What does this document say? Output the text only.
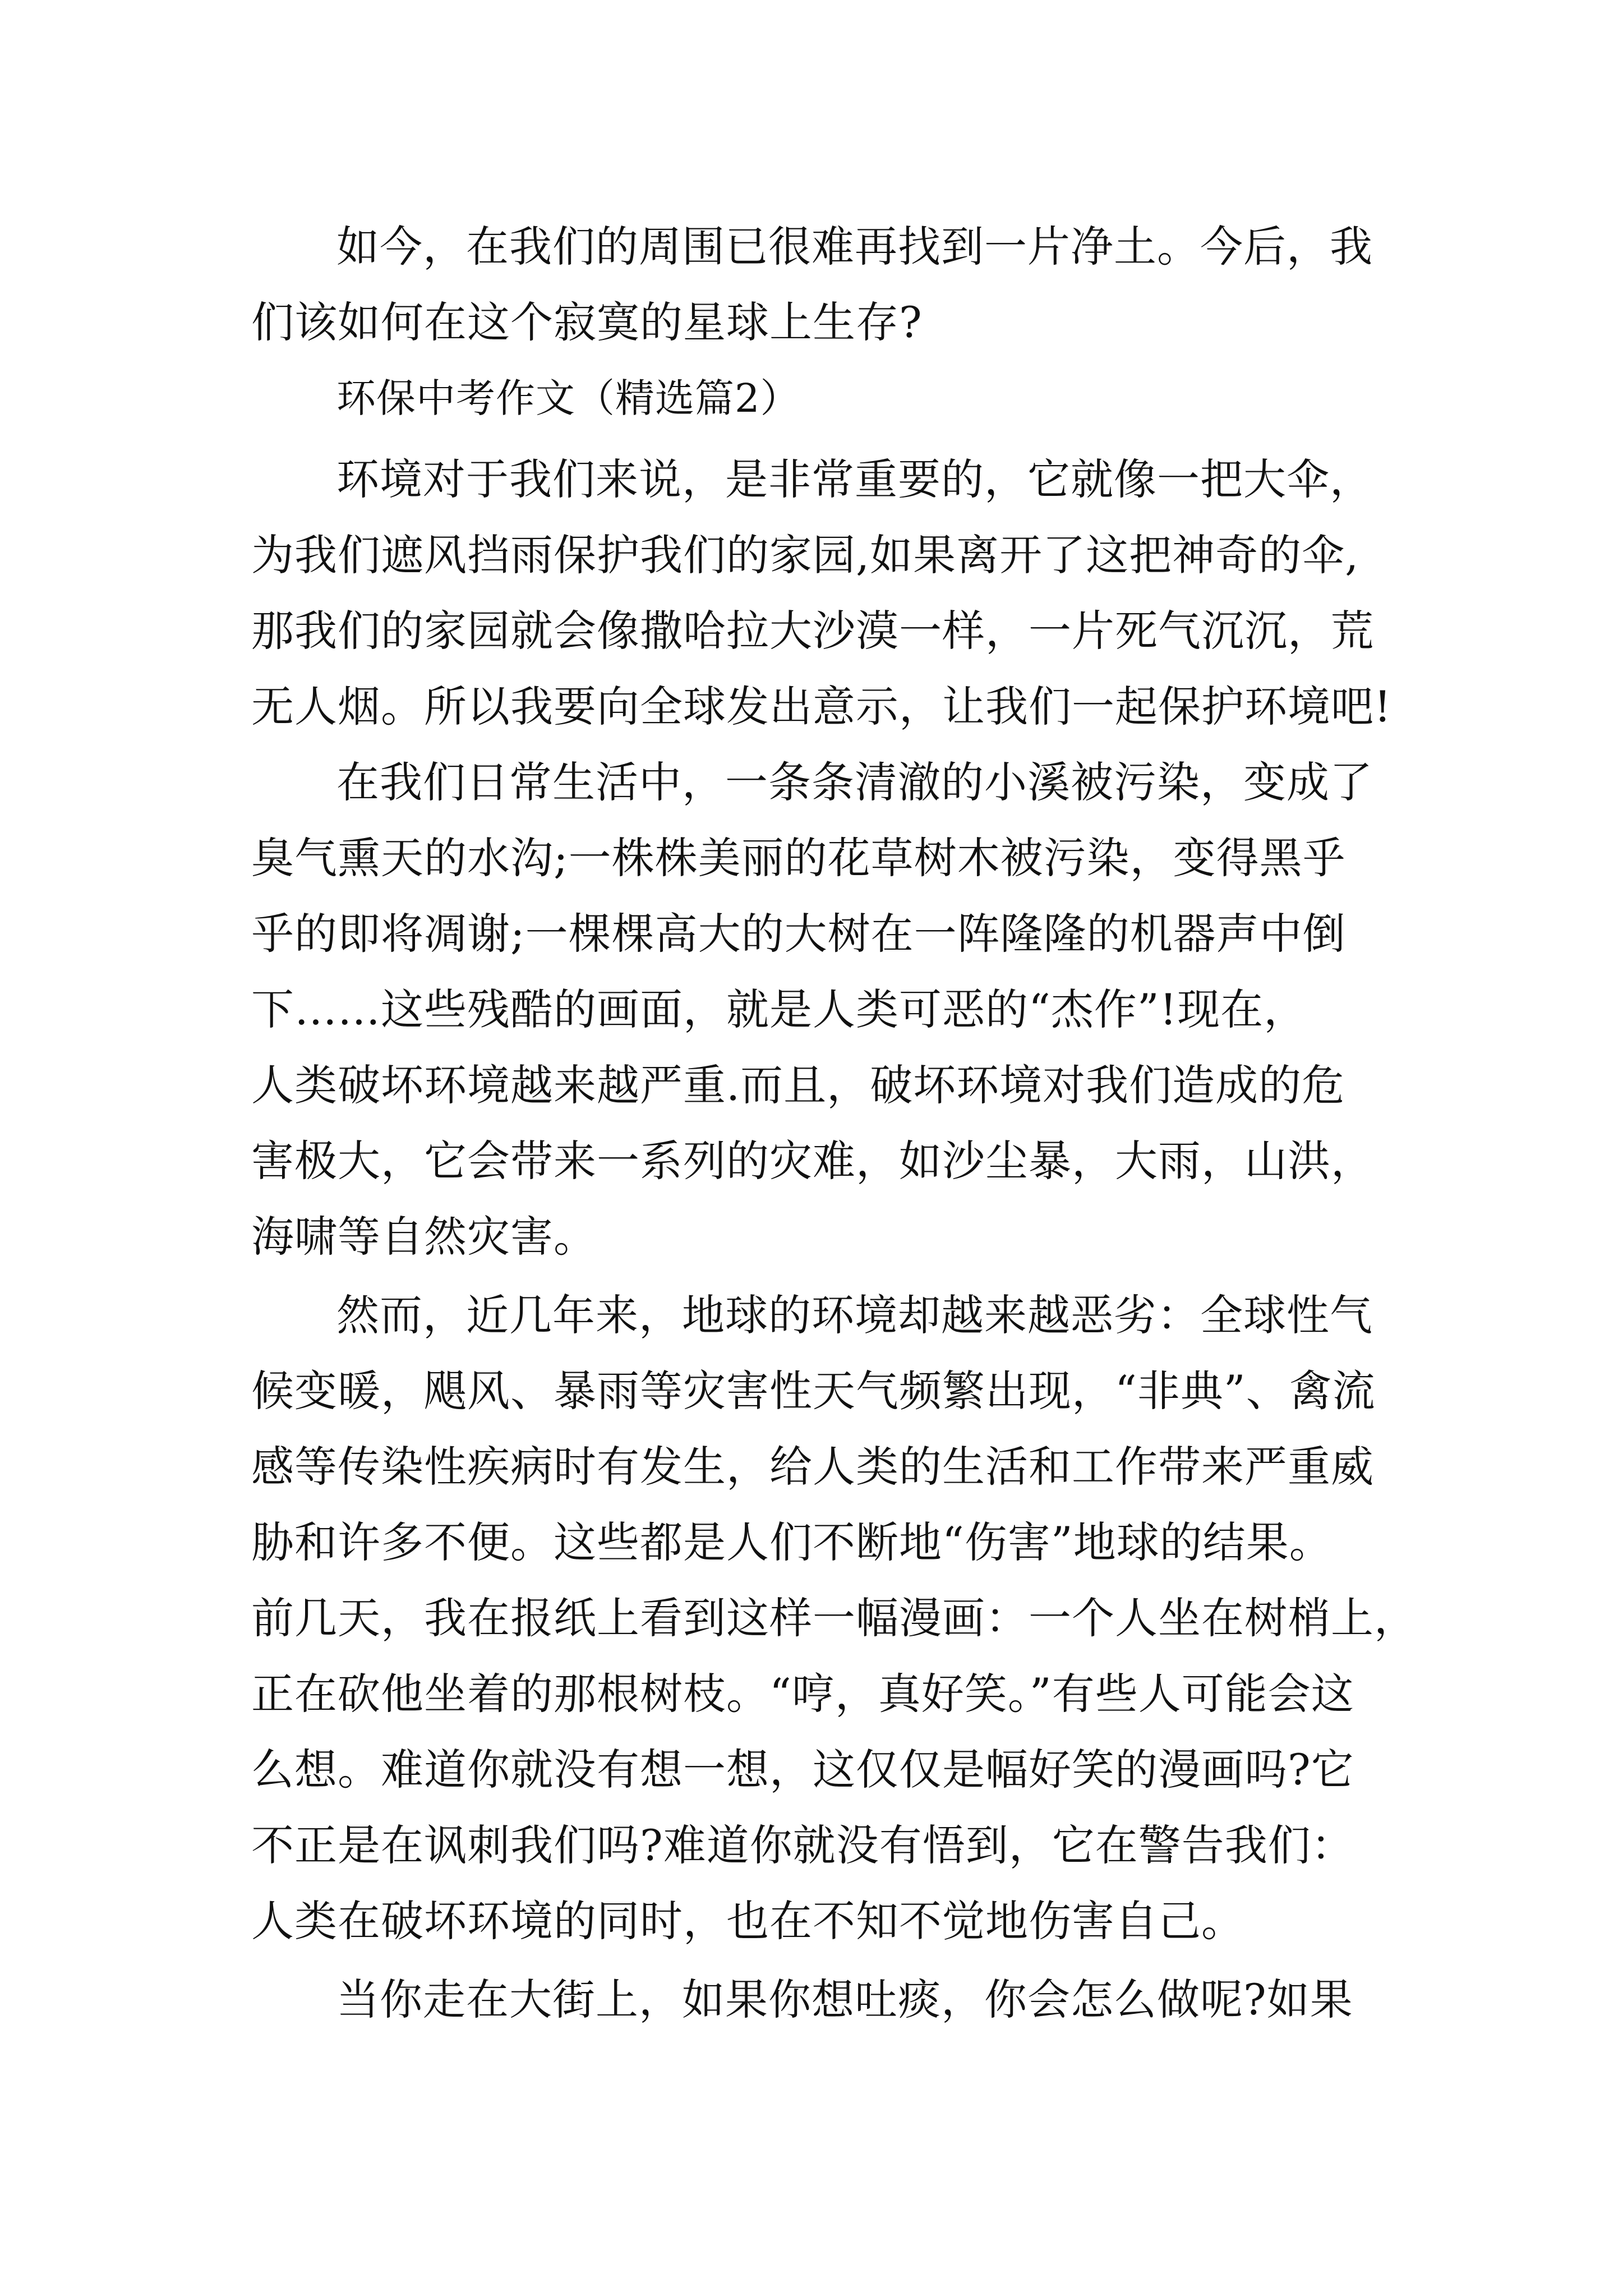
如今，在我们的周围已很难再找到一片净土。今后，我
们该如何在这个寂寞的星球上生存?
环保中考作文（精选篇2）
环境对于我们来说，是非常重要的，它就像一把大伞，
为我们遮风挡雨保护我们的家园,如果离开了这把神奇的伞,
那我们的家园就会像撒哈拉大沙漠一样，一片死气沉沉，荒
无人烟。所以我要向全球发出意示，让我们一起保护环境吧!
在我们日常生活中，一条条清澈的小溪被污染，变成了
臭气熏天的水沟;一株株美丽的花草树木被污染，变得黑乎
乎的即将凋谢;一棵棵高大的大树在一阵隆隆的机器声中倒
下……这些残酷的画面，就是人类可恶的“杰作”!现在，
人类破坏环境越来越严重.而且，破坏环境对我们造成的危
害极大，它会带来一系列的灾难，如沙尘暴，大雨，山洪，
海啸等自然灾害。
然而，近几年来，地球的环境却越来越恶劣：全球性气
候变暖，飓风、暴雨等灾害性天气频繁出现，“非典”、禽流
感等传染性疾病时有发生，给人类的生活和工作带来严重威
胁和许多不便。这些都是人们不断地“伤害”地球的结果。
前几天，我在报纸上看到这样一幅漫画：一个人坐在树梢上，
正在砍他坐着的那根树枝。“哼，真好笑。”有些人可能会这
么想。难道你就没有想一想，这仅仅是幅好笑的漫画吗?它
不正是在讽刺我们吗?难道你就没有悟到，它在警告我们：
人类在破坏环境的同时，也在不知不觉地伤害自己。
当你走在大街上，如果你想吐痰，你会怎么做呢?如果
